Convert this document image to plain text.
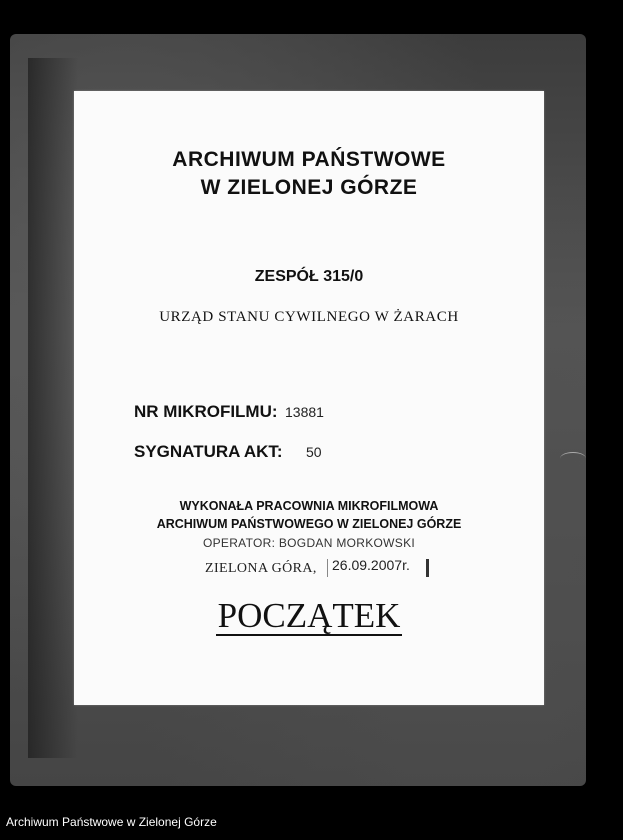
ARCHIWUM PAŃSTWOWE
W ZIELONEJ GÓRZE
ZESPÓŁ 315/0
URZĄD STANU CYWILNEGO W ŻARACH
NR MIKROFILMU: 13881
SYGNATURA AKT: 50
WYKONAŁA PRACOWNIA MIKROFILMOWA
ARCHIWUM PAŃSTWOWEGO W ZIELONEJ GÓRZE
OPERATOR: BOGDAN MORKOWSKI
ZIELONA GÓRA, 26.09.2007r.
POCZĄTEK
Archiwum Państwowe w Zielonej Górze
